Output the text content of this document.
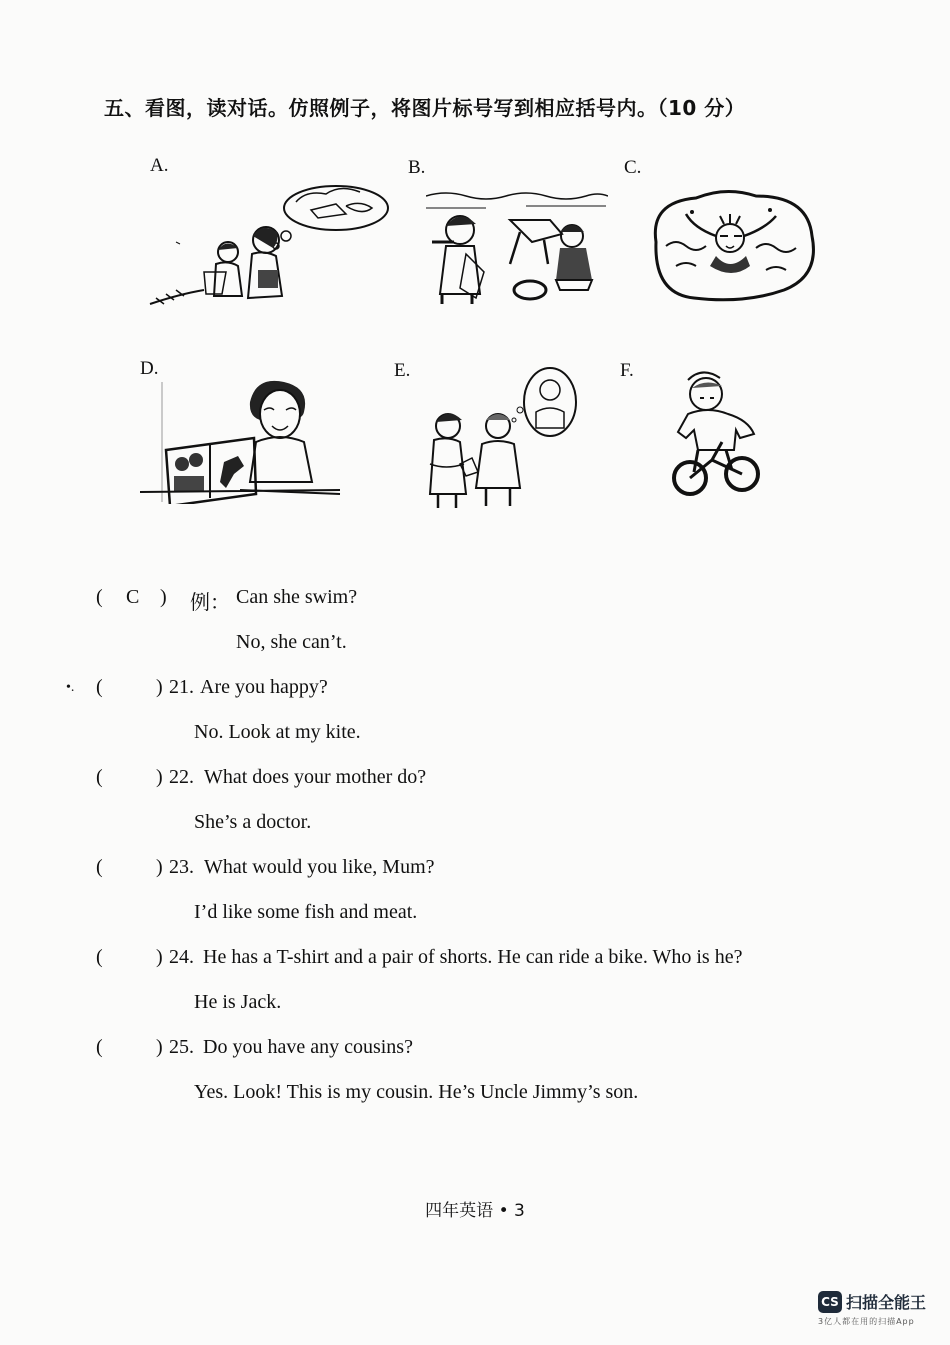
五、看图，读对话。仿照例子，将图片标号写到相应括号内。（10 分）
A.	B.	C.
D.	E.	F.
( C ) 例： Can she swim?
No, she can’t.
•. (	) 21. Are you happy?
No. Look at my kite.
(	) 22. What does your mother do?
She’s a doctor.
(	) 23. What would you like, Mum?
I’d like some fish and meat.
(	) 24. He has a T-shirt and a pair of shorts. He can ride a bike. Who is he?
He is Jack.
(	) 25. Do you have any cousins?
Yes. Look! This is my cousin. He’s Uncle Jimmy’s son.
四年英语 • 3
CS 扫描全能王
3亿人都在用的扫描App
